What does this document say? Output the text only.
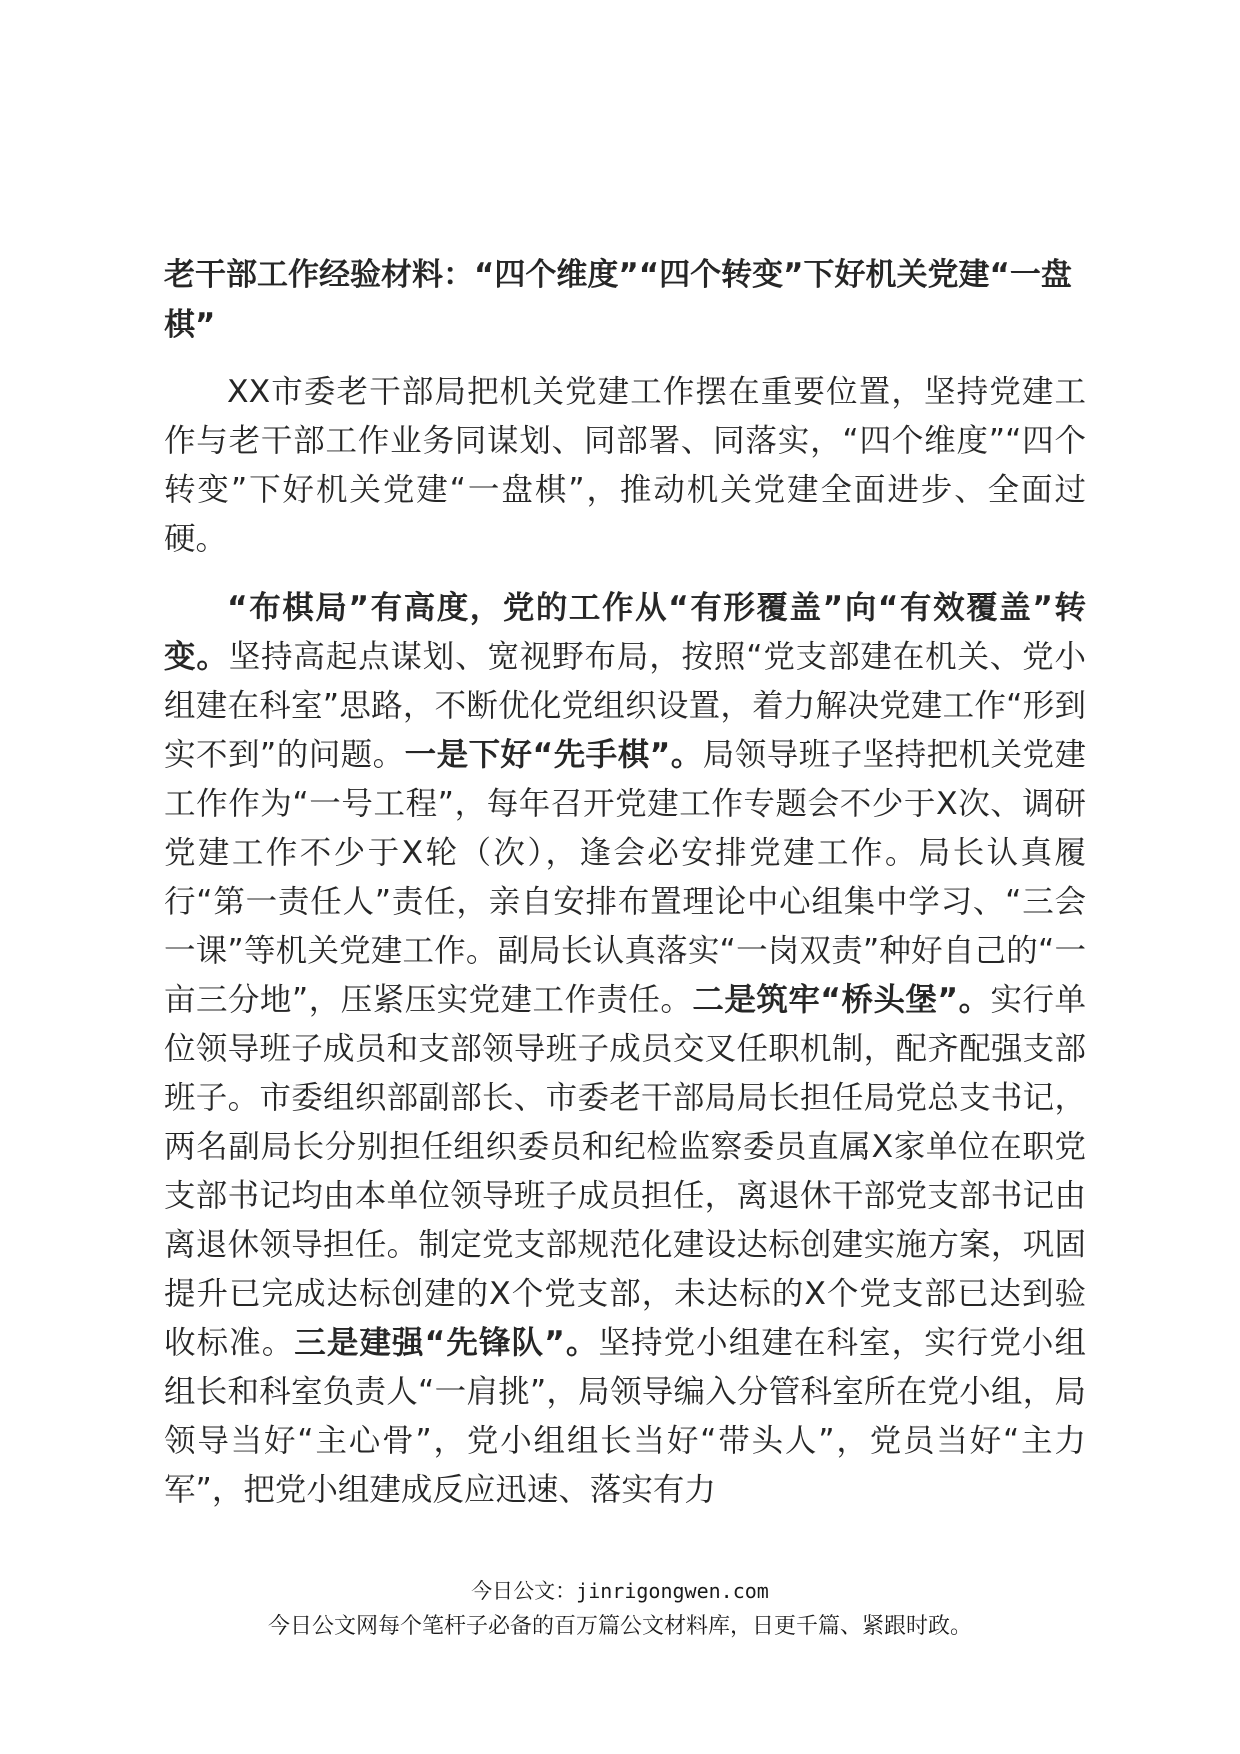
老干部工作经验材料：“四个维度”“四个转变”下好机关党建“一盘棋”

XX市委老干部局把机关党建工作摆在重要位置，坚持党建工作与老干部工作业务同谋划、同部署、同落实，“四个维度”“四个转变”下好机关党建“一盘棋”，推动机关党建全面进步、全面过硬。

“布棋局”有高度，党的工作从“有形覆盖”向“有效覆盖”转变。坚持高起点谋划、宽视野布局，按照“党支部建在机关、党小组建在科室”思路，不断优化党组织设置，着力解决党建工作“形到实不到”的问题。一是下好“先手棋”。局领导班子坚持把机关党建工作作为“一号工程”，每年召开党建工作专题会不少于X次、调研党建工作不少于X轮（次），逢会必安排党建工作。局长认真履行“第一责任人”责任，亲自安排布置理论中心组集中学习、“三会一课”等机关党建工作。副局长认真落实“一岗双责”种好自己的“一亩三分地”，压紧压实党建工作责任。二是筑牢“桥头堡”。实行单位领导班子成员和支部领导班子成员交叉任职机制，配齐配强支部班子。市委组织部副部长、市委老干部局局长担任局党总支书记，两名副局长分别担任组织委员和纪检监察委员直属X家单位在职党支部书记均由本单位领导班子成员担任，离退休干部党支部书记由离退休领导担任。制定党支部规范化建设达标创建实施方案，巩固提升已完成达标创建的X个党支部，未达标的X个党支部已达到验收标准。三是建强“先锋队”。坚持党小组建在科室，实行党小组组长和科室负责人“一肩挑”，局领导编入分管科室所在党小组，局领导当好“主心骨”，党小组组长当好“带头人”，党员当好“主力军”，把党小组建成反应迅速、落实有力

今日公文：jinrigongwen.com
今日公文网每个笔杆子必备的百万篇公文材料库，日更千篇、紧跟时政。
